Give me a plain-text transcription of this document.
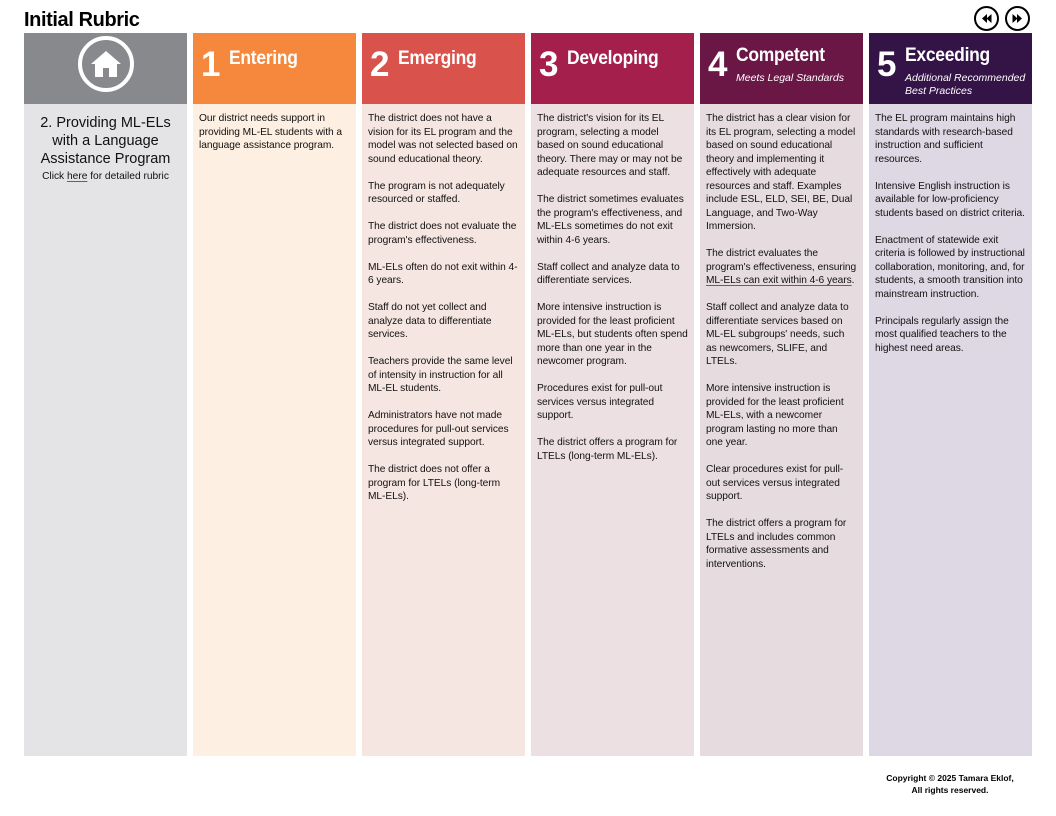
Initial Rubric
2. Providing ML-ELs with a Language Assistance Program
Click here for detailed rubric
1 Entering
Our district needs support in providing ML-EL students with a language assistance program.
2 Emerging
The district does not have a vision for its EL program and the model was not selected based on sound educational theory.
The program is not adequately resourced or staffed.
The district does not evaluate the program's effectiveness.
ML-ELs often do not exit within 4-6 years.
Staff do not yet collect and analyze data to differentiate services.
Teachers provide the same level of intensity in instruction for all ML-EL students.
Administrators have not made procedures for pull-out services versus integrated support.
The district does not offer a program for LTELs (long-term ML-ELs).
3 Developing
The district's vision for its EL program, selecting a model based on sound educational theory. There may or may not be adequate resources and staff.
The district sometimes evaluates the program's effectiveness, and ML-ELs sometimes do not exit within 4-6 years.
Staff collect and analyze data to differentiate services.
More intensive instruction is provided for the least proficient ML-ELs, but students often spend more than one year in the newcomer program.
Procedures exist for pull-out services versus integrated support.
The district offers a program for LTELs (long-term ML-ELs).
4 Competent
Meets Legal Standards
The district has a clear vision for its EL program, selecting a model based on sound educational theory and implementing it effectively with adequate resources and staff. Examples include ESL, ELD, SEI, BE, Dual Language, and Two-Way Immersion.
The district evaluates the program's effectiveness, ensuring ML-ELs can exit within 4-6 years.
Staff collect and analyze data to differentiate services based on ML-EL subgroups' needs, such as newcomers, SLIFE, and LTELs.
More intensive instruction is provided for the least proficient ML-ELs, with a newcomer program lasting no more than one year.
Clear procedures exist for pull-out services versus integrated support.
The district offers a program for LTELs and includes common formative assessments and interventions.
5 Exceeding
Additional Recommended Best Practices
The EL program maintains high standards with research-based instruction and sufficient resources.
Intensive English instruction is available for low-proficiency students based on district criteria.
Enactment of statewide exit criteria is followed by instructional collaboration, monitoring, and, for students, a smooth transition into mainstream instruction.
Principals regularly assign the most qualified teachers to the highest need areas.
Copyright © 2025 Tamara Eklof,
All rights reserved.
